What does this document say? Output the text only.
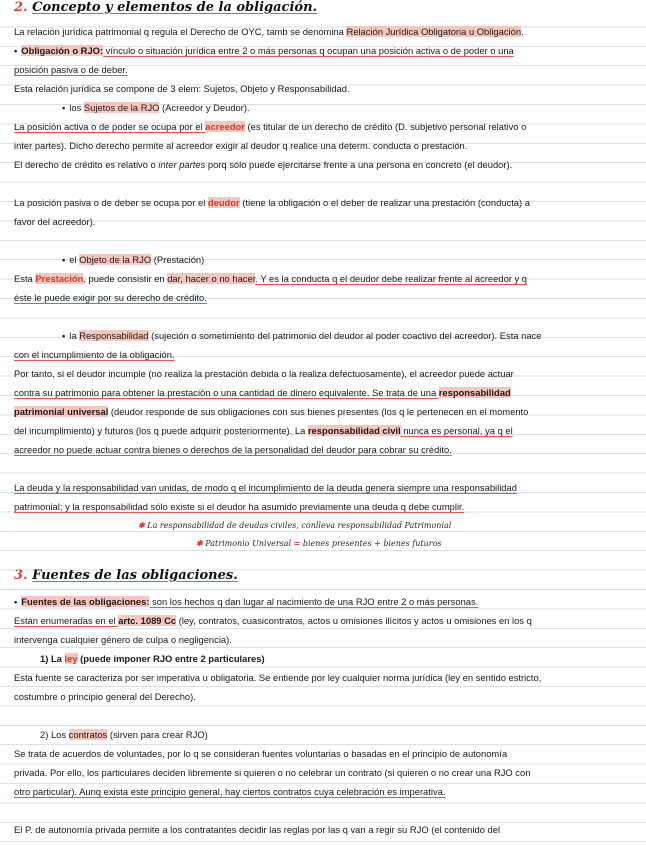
2. Concepto y elementos de la obligación.
La relación jurídica patrimonial q regula el Derecho de OYC, tamb se denomina Relación Jurídica Obligatoria u Obligación.
• Obligación o RJO: vínculo o situación jurídica entre 2 o más personas q ocupan una posición activa o de poder o una
posición pasiva o de deber.
Esta relación jurídica se compone de 3 elem: Sujetos, Objeto y Responsabilidad.
• los Sujetos de la RJO (Acreedor y Deudor).
La posición activa o de poder se ocupa por el acreedor (es titular de un derecho de crédito (D. subjetivo personal relativo o
inter partes). Dicho derecho permite al acreedor exigir al deudor q realice una determ. conducta o prestación.
El derecho de crédito es relativo o inter partes porq sólo puede ejercitarse frente a una persona en concreto (el deudor).
La posición pasiva o de deber se ocupa por el deudor (tiene la obligación o el deber de realizar una prestación (conducta) a
favor del acreedor).
• el Objeto de la RJO (Prestación)
Esta Prestación, puede consistir en dar, hacer o no hacer. Y es la conducta q el deudor debe realizar frente al acreedor y q
éste le puede exigir por su derecho de crédito.
• la Responsabilidad (sujeción o sometimiento del patrimonio del deudor al poder coactivo del acreedor). Esta nace
con el incumplimiento de la obligación.
Por tanto, si el deudor incumple (no realiza la prestación debida o la realiza defectuosamente), el acreedor puede actuar
contra su patrimonio para obtener la prestación o una cantidad de dinero equivalente. Se trata de una responsabilidad
patrimonial universal (deudor responde de sus obligaciones con sus bienes presentes (los q le pertenecen en el momento
del incumplimiento) y futuros (los q puede adquirir posteriormente). La responsabilidad civil nunca es personal, ya q el
acreedor no puede actuar contra bienes o derechos de la personalidad del deudor para cobrar su crédito.
La deuda y la responsabilidad van unidas, de modo q el incumplimiento de la deuda genera siempre una responsabilidad
patrimonial; y la responsabilidad sólo existe si el deudor ha asumido previamente una deuda q debe cumplir.
✱ La responsabilidad de deudas civiles, conlleva responsabilidad Patrimonial
✱ Patrimonio Universal = bienes presentes + bienes futuros
3. Fuentes de las obligaciones.
• Fuentes de las obligaciones: son los hechos q dan lugar al nacimiento de una RJO entre 2 o más personas.
Están enumeradas en el artc. 1089 Cc (ley, contratos, cuasicontratos, actos u omisiones ilícitos y actos u omisiones en los q
intervenga cualquier género de culpa o negligencia).
1) La ley (puede imponer RJO entre 2 particulares)
Esta fuente se caracteriza por ser imperativa u obligatoria. Se entiende por ley cualquier norma jurídica (ley en sentido estricto,
costumbre o principio general del Derecho).
2) Los contratos (sirven para crear RJO)
Se trata de acuerdos de voluntades, por lo q se consideran fuentes voluntarias o basadas en el principio de autonomía
privada. Por ello, los particulares deciden libremente si quieren o no celebrar un contrato (si quieren o no crear una RJO con
otro particular). Aunq exista este principio general, hay ciertos contratos cuya celebración es imperativa.
El P. de autonomía privada permite a los contratantes decidir las reglas por las q van a regir su RJO (el contenido del
